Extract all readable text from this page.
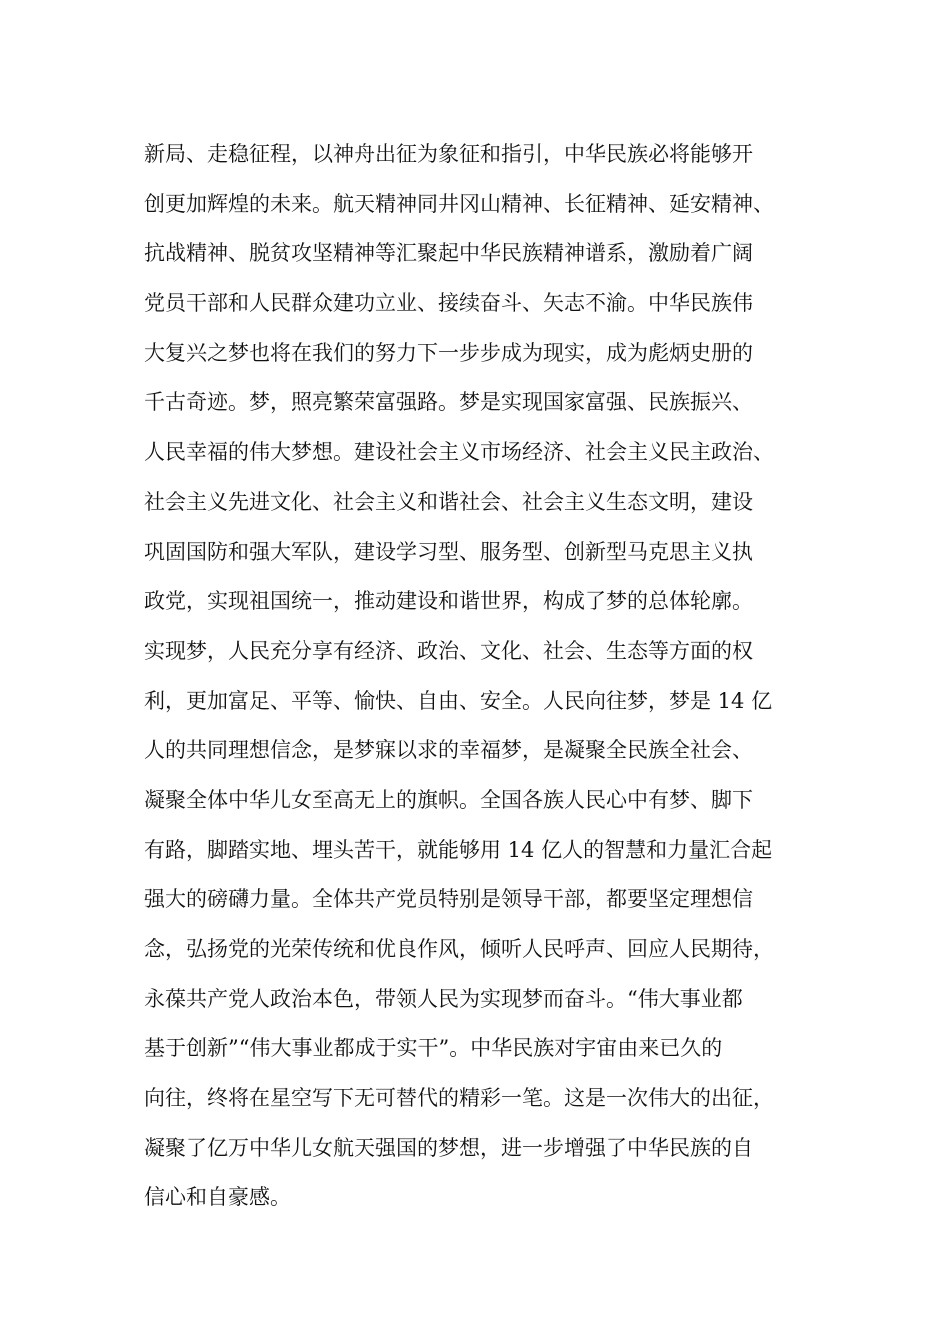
新局、走稳征程，以神舟出征为象征和指引，中华民族必将能够开
创更加辉煌的未来。航天精神同井冈山精神、长征精神、延安精神、
抗战精神、脱贫攻坚精神等汇聚起中华民族精神谱系，激励着广阔
党员干部和人民群众建功立业、接续奋斗、矢志不渝。中华民族伟
大复兴之梦也将在我们的努力下一步步成为现实，成为彪炳史册的
千古奇迹。梦，照亮繁荣富强路。梦是实现国家富强、民族振兴、
人民幸福的伟大梦想。建设社会主义市场经济、社会主义民主政治、
社会主义先进文化、社会主义和谐社会、社会主义生态文明，建设
巩固国防和强大军队，建设学习型、服务型、创新型马克思主义执
政党，实现祖国统一，推动建设和谐世界，构成了梦的总体轮廓。
实现梦，人民充分享有经济、政治、文化、社会、生态等方面的权
利，更加富足、平等、愉快、自由、安全。人民向往梦，梦是 14 亿
人的共同理想信念，是梦寐以求的幸福梦，是凝聚全民族全社会、
凝聚全体中华儿女至高无上的旗帜。全国各族人民心中有梦、脚下
有路，脚踏实地、埋头苦干，就能够用 14 亿人的智慧和力量汇合起
强大的磅礴力量。全体共产党员特别是领导干部，都要坚定理想信
念，弘扬党的光荣传统和优良作风，倾听人民呼声、回应人民期待，
永葆共产党人政治本色，带领人民为实现梦而奋斗。“伟大事业都
基于创新”“伟大事业都成于实干”。中华民族对宇宙由来已久的
向往，终将在星空写下无可替代的精彩一笔。这是一次伟大的出征，
凝聚了亿万中华儿女航天强国的梦想，进一步增强了中华民族的自
信心和自豪感。
